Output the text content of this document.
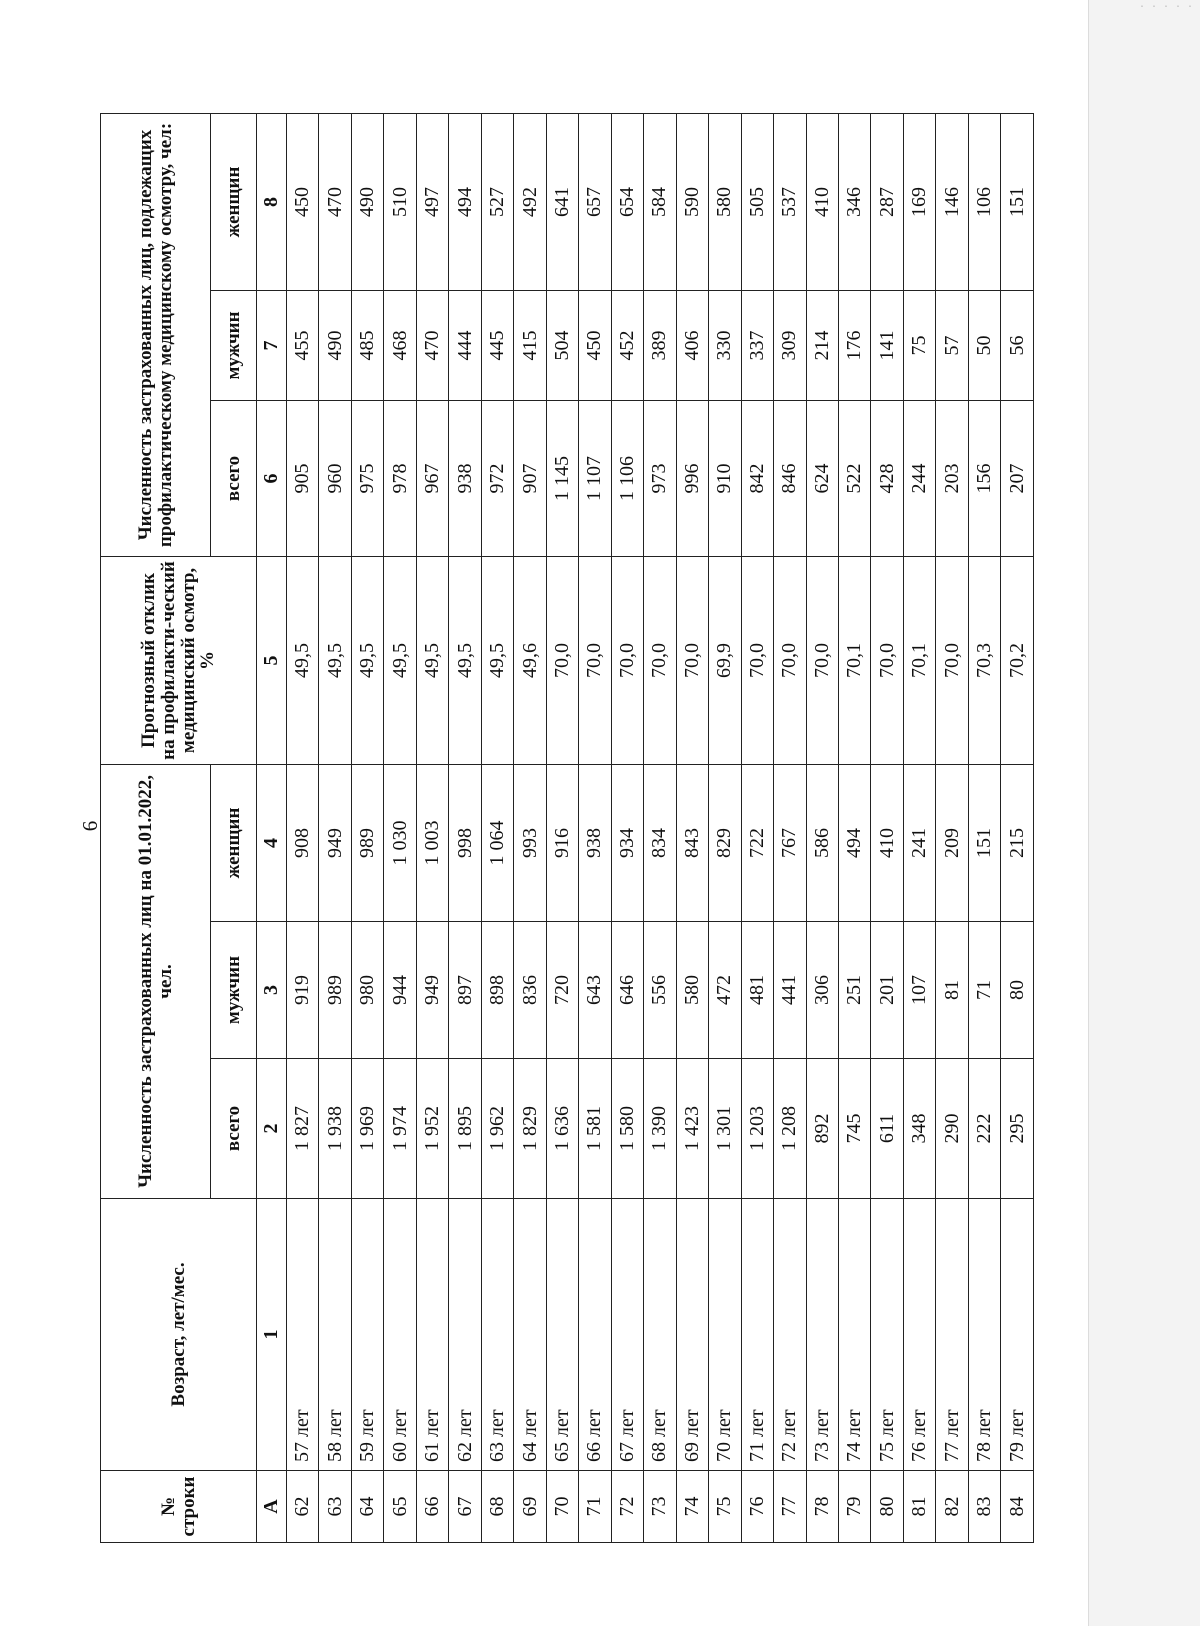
6
№ строки	Возраст, лет/мес.	Численность застрахованных лиц на 01.01.2022, чел.			Прогнозный отклик на профилакти-ческий медицинский осмотр, %	Численность застрахованных лиц, подлежащих профилактическому медицинскому осмотру, чел:		
		всего	мужчин	женщин		всего	мужчин	женщин
А	1	2	3	4	5	6	7	8
62	57 лет	1 827	919	908	49,5	905	455	450
63	58 лет	1 938	989	949	49,5	960	490	470
64	59 лет	1 969	980	989	49,5	975	485	490
65	60 лет	1 974	944	1 030	49,5	978	468	510
66	61 лет	1 952	949	1 003	49,5	967	470	497
67	62 лет	1 895	897	998	49,5	938	444	494
68	63 лет	1 962	898	1 064	49,5	972	445	527
69	64 лет	1 829	836	993	49,6	907	415	492
70	65 лет	1 636	720	916	70,0	1 145	504	641
71	66 лет	1 581	643	938	70,0	1 107	450	657
72	67 лет	1 580	646	934	70,0	1 106	452	654
73	68 лет	1 390	556	834	70,0	973	389	584
74	69 лет	1 423	580	843	70,0	996	406	590
75	70 лет	1 301	472	829	69,9	910	330	580
76	71 лет	1 203	481	722	70,0	842	337	505
77	72 лет	1 208	441	767	70,0	846	309	537
78	73 лет	892	306	586	70,0	624	214	410
79	74 лет	745	251	494	70,1	522	176	346
80	75 лет	611	201	410	70,0	428	141	287
81	76 лет	348	107	241	70,1	244	75	169
82	77 лет	290	81	209	70,0	203	57	146
83	78 лет	222	71	151	70,3	156	50	106
84	79 лет	295	80	215	70,2	207	56	151
· · · · ·
